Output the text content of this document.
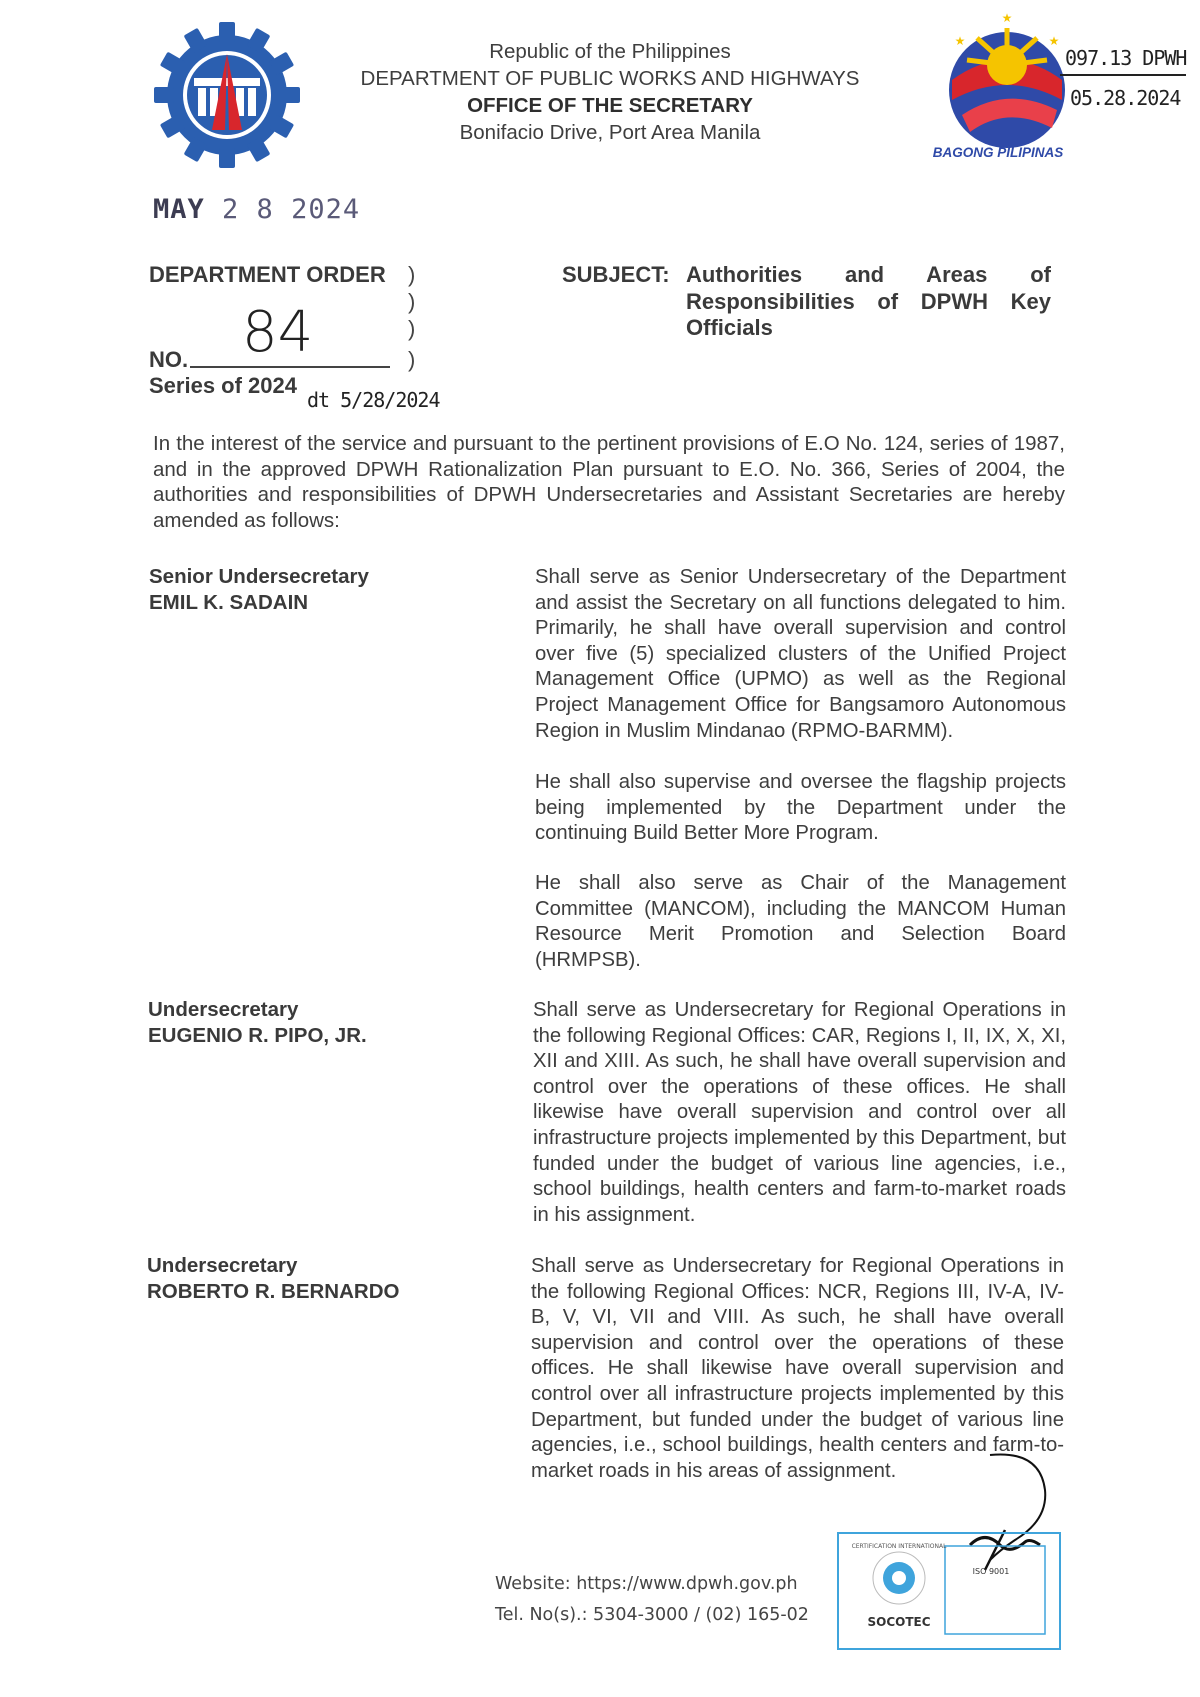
Republic of the Philippines
DEPARTMENT OF PUBLIC WORKS AND HIGHWAYS
OFFICE OF THE SECRETARY
Bonifacio Drive, Port Area Manila
★
★	★
BAGONG PILIPINAS
097.13 DPWH
05.28.2024
MAY 2 8 2024
DEPARTMENT ORDER )
)
)
)
84
NO.
Series of 2024
dt 5/28/2024
SUBJECT: Authorities and Areas of Responsibilities of DPWH Key Officials
In the interest of the service and pursuant to the pertinent provisions of E.O No. 124, series of 1987, and in the approved DPWH Rationalization Plan pursuant to E.O. No. 366, Series of 2004, the authorities and responsibilities of DPWH Undersecretaries and Assistant Secretaries are hereby amended as follows:
Senior Undersecretary
EMIL K. SADAIN
Shall serve as Senior Undersecretary of the Department and assist the Secretary on all functions delegated to him. Primarily, he shall have overall supervision and control over five (5) specialized clusters of the Unified Project Management Office (UPMO) as well as the Regional Project Management Office for Bangsamoro Autonomous Region in Muslim Mindanao (RPMO-BARMM).
He shall also supervise and oversee the flagship projects being implemented by the Department under the continuing Build Better More Program.
He shall also serve as Chair of the Management Committee (MANCOM), including the MANCOM Human Resource Merit Promotion and Selection Board (HRMPSB).
Undersecretary
EUGENIO R. PIPO, JR.
Shall serve as Undersecretary for Regional Operations in the following Regional Offices: CAR, Regions I, II, IX, X, XI, XII and XIII. As such, he shall have overall supervision and control over the operations of these offices. He shall likewise have overall supervision and control over all infrastructure projects implemented by this Department, but funded under the budget of various line agencies, i.e., school buildings, health centers and farm-to-market roads in his assignment.
Undersecretary
ROBERTO R. BERNARDO
Shall serve as Undersecretary for Regional Operations in the following Regional Offices: NCR, Regions III, IV-A, IV-B, V, VI, VII and VIII. As such, he shall have overall supervision and control over the operations of these offices. He shall likewise have overall supervision and control over all infrastructure projects implemented by this Department, but funded under the budget of various line agencies, i.e., school buildings, health centers and farm-to-market roads in his areas of assignment.
Website: https://www.dpwh.gov.ph
Tel. No(s).: 5304-3000 / (02) 165-02
CERTIFICATION INTERNATIONAL
SOCOTEC
ISO 9001
